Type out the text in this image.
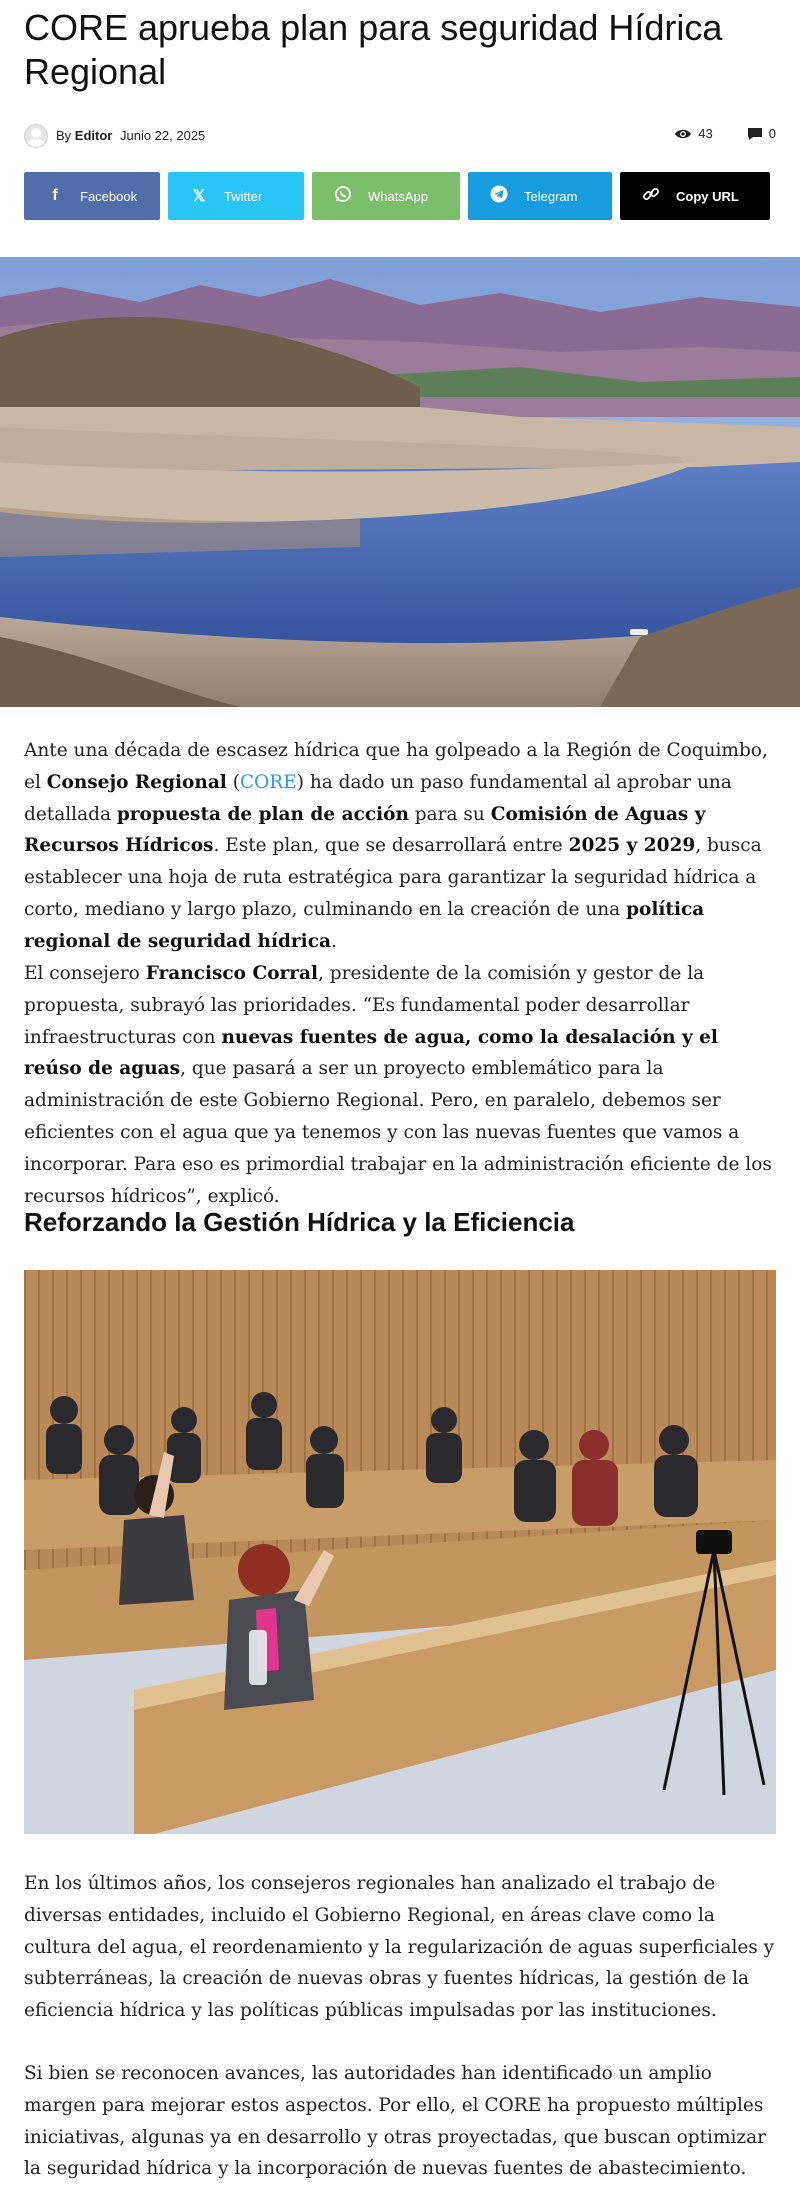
CORE aprueba plan para seguridad Hídrica Regional
By Editor Junio 22, 2025	43	0
f	Facebook	𝕏	Twitter	WhatsApp	Telegram	Copy URL

Ante una década de escasez hídrica que ha golpeado a la Región de Coquimbo, el Consejo Regional (CORE) ha dado un paso fundamental al aprobar una detallada propuesta de plan de acción para su Comisión de Aguas y Recursos Hídricos. Este plan, que se desarrollará entre 2025 y 2029, busca establecer una hoja de ruta estratégica para garantizar la seguridad hídrica a corto, mediano y largo plazo, culminando en la creación de una política regional de seguridad hídrica.

El consejero Francisco Corral, presidente de la comisión y gestor de la propuesta, subrayó las prioridades. “Es fundamental poder desarrollar infraestructuras con nuevas fuentes de agua, como la desalación y el reúso de aguas, que pasará a ser un proyecto emblemático para la administración de este Gobierno Regional. Pero, en paralelo, debemos ser eficientes con el agua que ya tenemos y con las nuevas fuentes que vamos a incorporar. Para eso es primordial trabajar en la administración eficiente de los recursos hídricos”, explicó.

Reforzando la Gestión Hídrica y la Eficiencia

En los últimos años, los consejeros regionales han analizado el trabajo de diversas entidades, incluido el Gobierno Regional, en áreas clave como la cultura del agua, el reordenamiento y la regularización de aguas superficiales y subterráneas, la creación de nuevas obras y fuentes hídricas, la gestión de la eficiencia hídrica y las políticas públicas impulsadas por las instituciones.

Si bien se reconocen avances, las autoridades han identificado un amplio margen para mejorar estos aspectos. Por ello, el CORE ha propuesto múltiples iniciativas, algunas ya en desarrollo y otras proyectadas, que buscan optimizar la seguridad hídrica y la incorporación de nuevas fuentes de abastecimiento.
